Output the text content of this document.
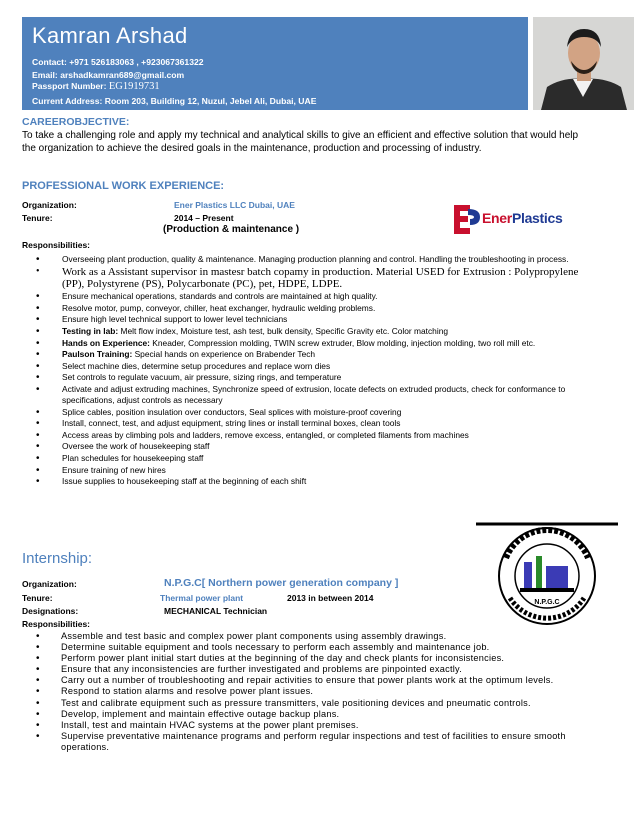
Kamran Arshad
Contact: +971 526183063 , +923067361322
Email: arshadkamran689@gmail.com
Passport Number: EG1919731
Current Address: Room 203, Building 12, Nuzul, Jebel Ali, Dubai, UAE
CAREEROBJECTIVE:
To take a challenging role and apply my technical and analytical skills to give an efficient and effective solution that would help the organization to achieve the desired goals in the maintenance, production and processing of industry.
PROFESSIONAL WORK EXPERIENCE:
Organization:	Ener Plastics LLC Dubai, UAE
Tenure:	2014 – Present
(Production & maintenance )
EnerPlastics
Responsibilities:
• Overseeing plant production, quality & maintenance. Managing production planning and control. Handling the troubleshooting in process.
• Work as a Assistant supervisor in mastesr batch copamy in production. Material USED for Extrusion : Polypropylene (PP), Polystyrene (PS), Polycarbonate (PC), pet, HDPE, LDPE.
• Ensure mechanical operations, standards and controls are maintained at high quality.
• Resolve motor, pump, conveyor, chiller, heat exchanger, hydraulic welding problems.
• Ensure high level technical support to lower level technicians
• Testing in lab: Melt flow index, Moisture test, ash test, bulk density, Specific Gravity etc. Color matching
• Hands on Experience: Kneader, Compression molding, TWIN screw extruder, Blow molding, injection molding, two roll mill etc.
• Paulson Training: Special hands on experience on Brabender Tech
• Select machine dies, determine setup procedures and replace worn dies
• Set controls to regulate vacuum, air pressure, sizing rings, and temperature
• Activate and adjust extruding machines, Synchronize speed of extrusion, locate defects on extruded products, check for conformance to specifications, adjust controls as necessary
• Splice cables, position insulation over conductors, Seal splices with moisture-proof covering
• Install, connect, test, and adjust equipment, string lines or install terminal boxes, clean tools
• Access areas by climbing pols and ladders, remove excess, entangled, or completed filaments from machines
• Oversee the work of housekeeping staff
• Plan schedules for housekeeping staff
• Ensure training of new hires
• Issue supplies to housekeeping staff at the beginning of each shift
N.P.G.C
Internship:
Organization:	N.P.G.C[ Northern power generation company ]
Tenure:	Thermal power plant	2013 in between 2014
Designations:	MECHANICAL Technician
Responsibilities:
• Assemble and test basic and complex power plant components using assembly drawings.
• Determine suitable equipment and tools necessary to perform each assembly and maintenance job.
• Perform power plant initial start duties at the beginning of the day and check plants for inconsistencies.
• Ensure that any inconsistencies are further investigated and problems are pinpointed exactly.
• Carry out a number of troubleshooting and repair activities to ensure that power plants work at the optimum levels.
• Respond to station alarms and resolve power plant issues.
• Test and calibrate equipment such as pressure transmitters, vale positioning devices and pneumatic controls.
• Develop, implement and maintain effective outage backup plans.
• Install, test and maintain HVAC systems at the power plant premises.
• Supervise preventative maintenance programs and perform regular inspections and test of facilities to ensure smooth operations.
